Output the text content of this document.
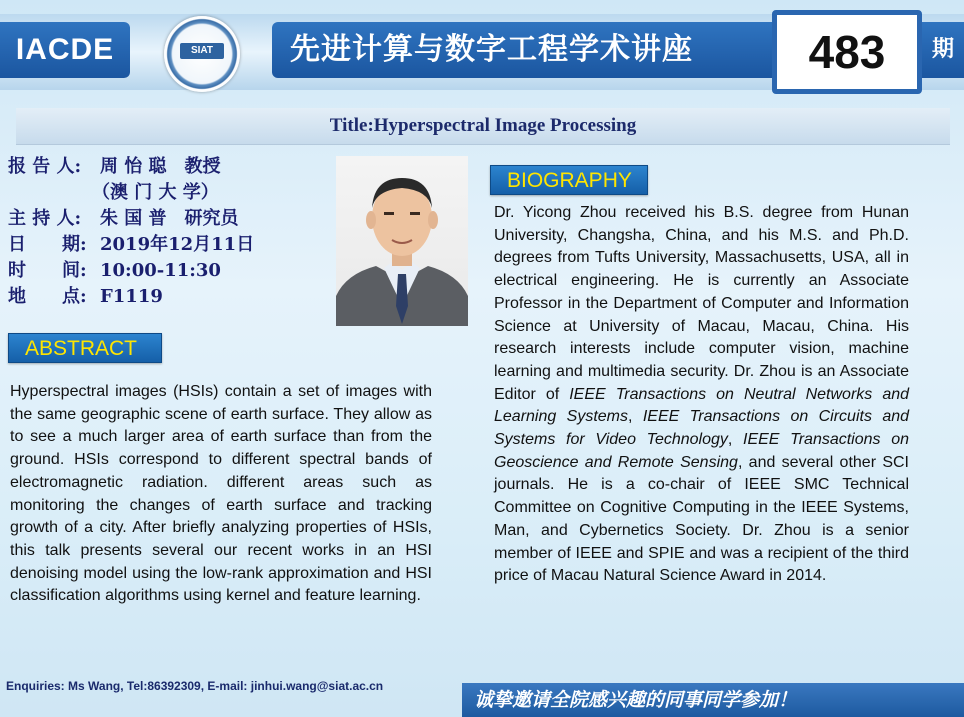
IACDE	SIAT	先进计算与数字工程学术讲座	483	期
Title:Hyperspectral Image Processing
报 告 人: 周 怡 聪　教授
（澳 门 大 学）
主 持 人: 朱 国 普　研究员
日　　期: 2019年12月11日
时　　间: 10:00-11:30
地　　点:F1119
ABSTRACT
Hyperspectral images (HSIs) contain a set of images with the same geographic scene of earth surface. They allow as to see a much larger area of earth surface than from the ground. HSIs correspond to different spectral bands of electromagnetic radiation. different areas such as monitoring the changes of earth surface and tracking growth of a city. After briefly analyzing properties of HSIs, this talk presents several our recent works in an HSI denoising model using the low-rank approximation and HSI classification algorithms using kernel and feature learning.
BIOGRAPHY
Dr. Yicong Zhou received his B.S. degree from Hunan University, Changsha, China, and his M.S. and Ph.D. degrees from Tufts University, Massachusetts, USA, all in electrical engineering. He is currently an Associate Professor in the Department of Computer and Information Science at University of Macau, Macau, China. His research interests include computer vision, machine learning and multimedia security. Dr. Zhou is an Associate Editor of IEEE Transactions on Neutral Networks and Learning Systems, IEEE Transactions on Circuits and Systems for Video Technology, IEEE Transactions on Geoscience and Remote Sensing, and several other SCI journals. He is a co-chair of IEEE SMC Technical Committee on Cognitive Computing in the IEEE Systems, Man, and Cybernetics Society. Dr. Zhou is a senior member of IEEE and SPIE and was a recipient of the third price of Macau Natural Science Award in 2014.
Enquiries: Ms Wang, Tel:86392309, E-mail: jinhui.wang@siat.ac.cn
诚挚邀请全院感兴趣的同事同学参加！
